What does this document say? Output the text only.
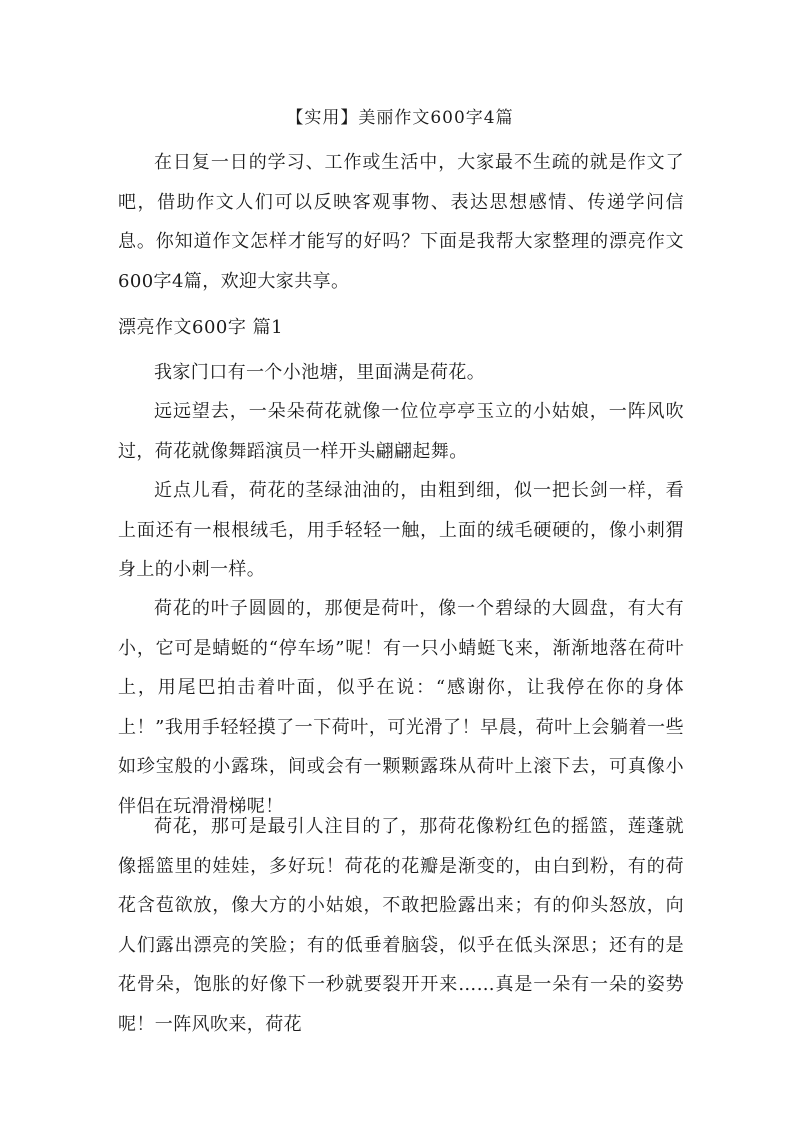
【实用】美丽作文600字4篇

在日复一日的学习、工作或生活中，大家最不生疏的就是作文了吧，借助作文人们可以反映客观事物、表达思想感情、传递学问信息。你知道作文怎样才能写的好吗？下面是我帮大家整理的漂亮作文600字4篇，欢迎大家共享。

漂亮作文600字 篇1

我家门口有一个小池塘，里面满是荷花。

远远望去，一朵朵荷花就像一位位亭亭玉立的小姑娘，一阵风吹过，荷花就像舞蹈演员一样开头翩翩起舞。

近点儿看，荷花的茎绿油油的，由粗到细，似一把长剑一样，看上面还有一根根绒毛，用手轻轻一触，上面的绒毛硬硬的，像小刺猬身上的小刺一样。

荷花的叶子圆圆的，那便是荷叶，像一个碧绿的大圆盘，有大有小，它可是蜻蜓的“停车场”呢！有一只小蜻蜓飞来，渐渐地落在荷叶上，用尾巴拍击着叶面，似乎在说：“感谢你，让我停在你的身体上！”我用手轻轻摸了一下荷叶，可光滑了！早晨，荷叶上会躺着一些如珍宝般的小露珠，间或会有一颗颗露珠从荷叶上滚下去，可真像小伴侣在玩滑滑梯呢！

荷花，那可是最引人注目的了，那荷花像粉红色的摇篮，莲蓬就像摇篮里的娃娃，多好玩！荷花的花瓣是渐变的，由白到粉，有的荷花含苞欲放，像大方的小姑娘，不敢把脸露出来；有的仰头怒放，向人们露出漂亮的笑脸；有的低垂着脑袋，似乎在低头深思；还有的是花骨朵，饱胀的好像下一秒就要裂开开来……真是一朵有一朵的姿势呢！一阵风吹来，荷花
